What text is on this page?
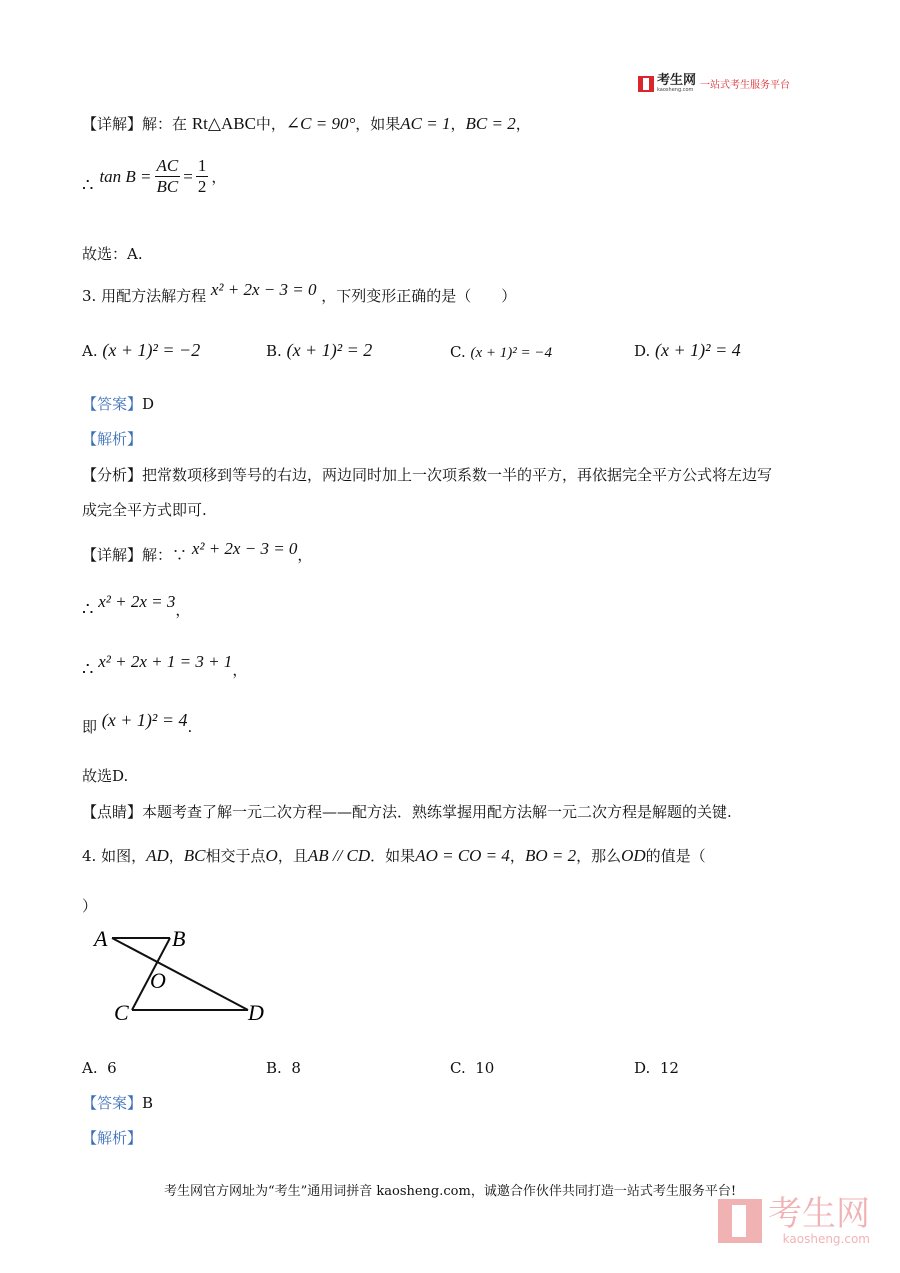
考生网
kaosheng.com 一站式考生服务平台
【详解】解：在 Rt△ABC中，∠C = 90°，如果AC = 1，BC = 2，
∴ $\tan B = \frac{AC}{BC} = \frac{1}{2}$ ，
故选：A.
3. 用配方法解方程 x² + 2x − 3 = 0 ，下列变形正确的是（　　）
A. (x + 1)² = −2	B. (x + 1)² = 2	C. (x + 1)² = −4	D. (x + 1)² = 4
【答案】D
【解析】
【分析】把常数项移到等号的右边，两边同时加上一次项系数一半的平方，再依据完全平方公式将左边写
成完全平方式即可.
【详解】解：∵ x² + 2x − 3 = 0，
∴ x² + 2x = 3，
∴ x² + 2x + 1 = 3 + 1，
即 (x + 1)² = 4.
故选D.
【点睛】本题考查了解一元二次方程——配方法．熟练掌握用配方法解一元二次方程是解题的关键.
4. 如图，AD，BC相交于点O，且AB // CD．如果AO = CO = 4，BO = 2，那么OD的值是（
）
A	B
O
C	D
A. 6	B. 8	C. 10	D. 12
【答案】B
【解析】
考生网官方网址为“考生”通用词拼音 kaosheng.com，诚邀合作伙伴共同打造一站式考生服务平台!
考生网
kaosheng.com
